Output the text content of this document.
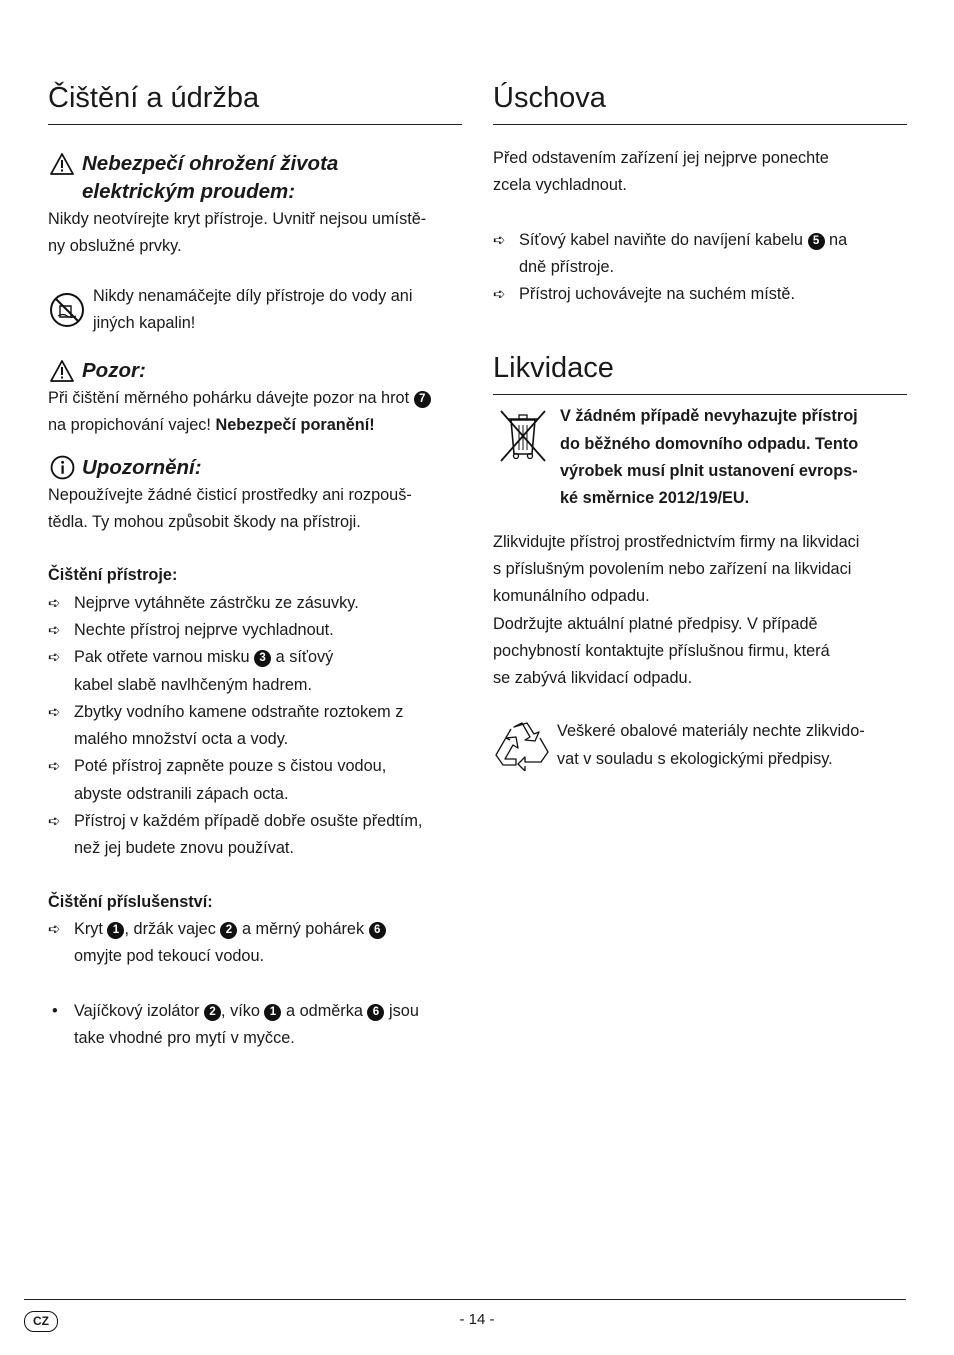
Čištění a údržba

Nebezpečí ohrožení života
elektrickým proudem:

Nikdy neotvírejte kryt přístroje. Uvnitř nejsou umístě-
ny obslužné prvky.

Nikdy nenamáčejte díly přístroje do vody ani
jiných kapalin!

Pozor:

Při čištění měrného pohárku dávejte pozor na hrot 7
na propichování vajec! Nebezpečí poranění!

Upozornění:

Nepoužívejte žádné čisticí prostředky ani rozpouš-
tědla. Ty mohou způsobit škody na přístroji.

Čištění přístroje:

➪ Nejprve vytáhněte zástrčku ze zásuvky.
➪ Nechte přístroj nejprve vychladnout.
➪ Pak otřete varnou misku 3 a síťový
kabel slabě navlhčeným hadrem.
➪ Zbytky vodního kamene odstraňte roztokem z
malého množství octa a vody.
➪ Poté přístroj zapněte pouze s čistou vodou,
abyste odstranili zápach octa.
➪ Přístroj v každém případě dobře osušte předtím,
než jej budete znovu používat.

Čištění příslušenství:

➪ Kryt 1 , držák vajec 2 a měrný pohárek 6
omyjte pod tekoucí vodou.

• Vajíčkový izolátor 2 , víko 1 a odměrka 6 jsou
take vhodné pro mytí v myčce.

Úschova

Před odstavením zařízení jej nejprve ponechte
zcela vychladnout.

➪ Síťový kabel naviňte do navíjení kabelu 5 na
dně přístroje.
➪ Přístroj uchovávejte na suchém místě.
Likvidace

V žádném případě nevyhazujte přístroj
do běžného domovního odpadu. Tento
výrobek musí plnit ustanovení evrops-
ké směrnice 2012/19/EU.

Zlikvidujte přístroj prostřednictvím firmy na likvidaci
s příslušným povolením nebo zařízení na likvidaci
komunálního odpadu.
Dodržujte aktuální platné předpisy. V případě
pochybností kontaktujte příslušnou firmu, která
se zabývá likvidací odpadu.

Veškeré obalové materiály nechte zlikvido-
vat v souladu s ekologickými předpisy.

CZ	- 14 -
